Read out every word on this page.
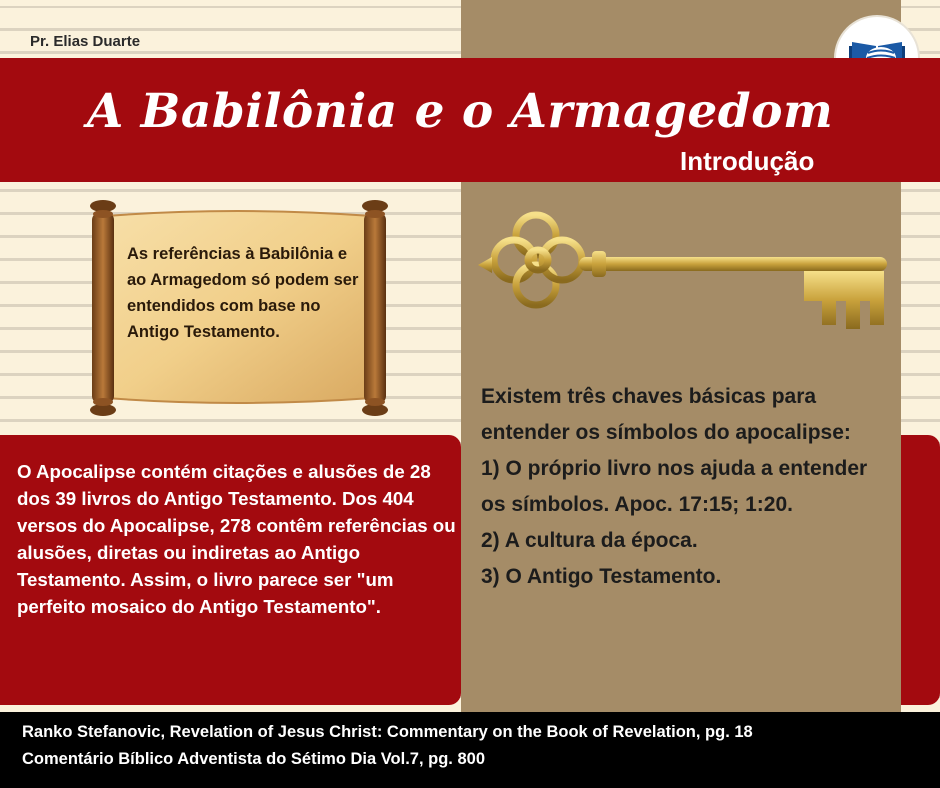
Pr. Elias Duarte
A Babilônia e o Armagedom
Introdução
As referências à Babilônia e ao Armagedom só podem ser entendidos com base no Antigo Testamento.
O Apocalipse contém citações e alusões de 28 dos 39 livros do Antigo Testamento. Dos 404 versos do Apocalipse, 278 contêm referências ou alusões, diretas ou indiretas ao Antigo Testamento. Assim, o livro parece ser "um perfeito mosaico do Antigo Testamento".

Existem três chaves básicas para entender os símbolos do apocalipse:

1) O próprio livro nos ajuda a entender os símbolos. Apoc. 17:15; 1:20.

2) A cultura da época.

3) O Antigo Testamento.

Ranko Stefanovic, Revelation of Jesus Christ: Commentary on the Book of Revelation, pg. 18
Comentário Bíblico Adventista do Sétimo Dia Vol.7, pg. 800
